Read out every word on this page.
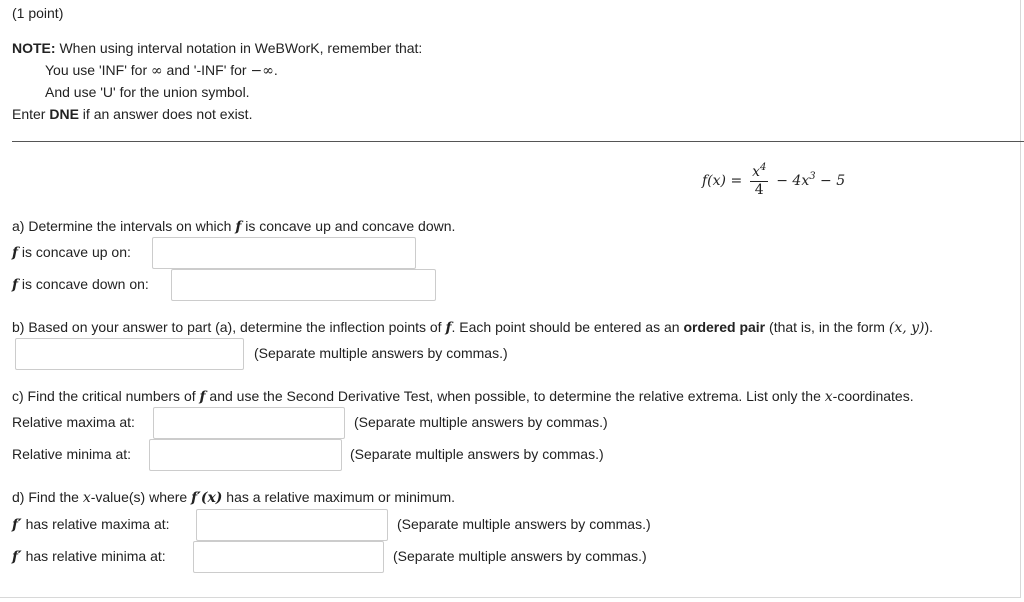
(1 point)
NOTE: When using interval notation in WeBWorK, remember that:
You use 'INF' for ∞ and '-INF' for −∞.
And use 'U' for the union symbol.
Enter DNE if an answer does not exist.
$f(x) = \frac{x^4}{4} - 4x^3 - 5$
a) Determine the intervals on which f is concave up and concave down.
f is concave up on:
f is concave down on:
b) Based on your answer to part (a), determine the inflection points of f. Each point should be entered as an ordered pair (that is, in the form (x, y)).
(Separate multiple answers by commas.)
c) Find the critical numbers of f and use the Second Derivative Test, when possible, to determine the relative extrema. List only the x-coordinates.
Relative maxima at:	(Separate multiple answers by commas.)
Relative minima at:	(Separate multiple answers by commas.)
d) Find the x-value(s) where f′(x) has a relative maximum or minimum.
f′ has relative maxima at:	(Separate multiple answers by commas.)
f′ has relative minima at:	(Separate multiple answers by commas.)
